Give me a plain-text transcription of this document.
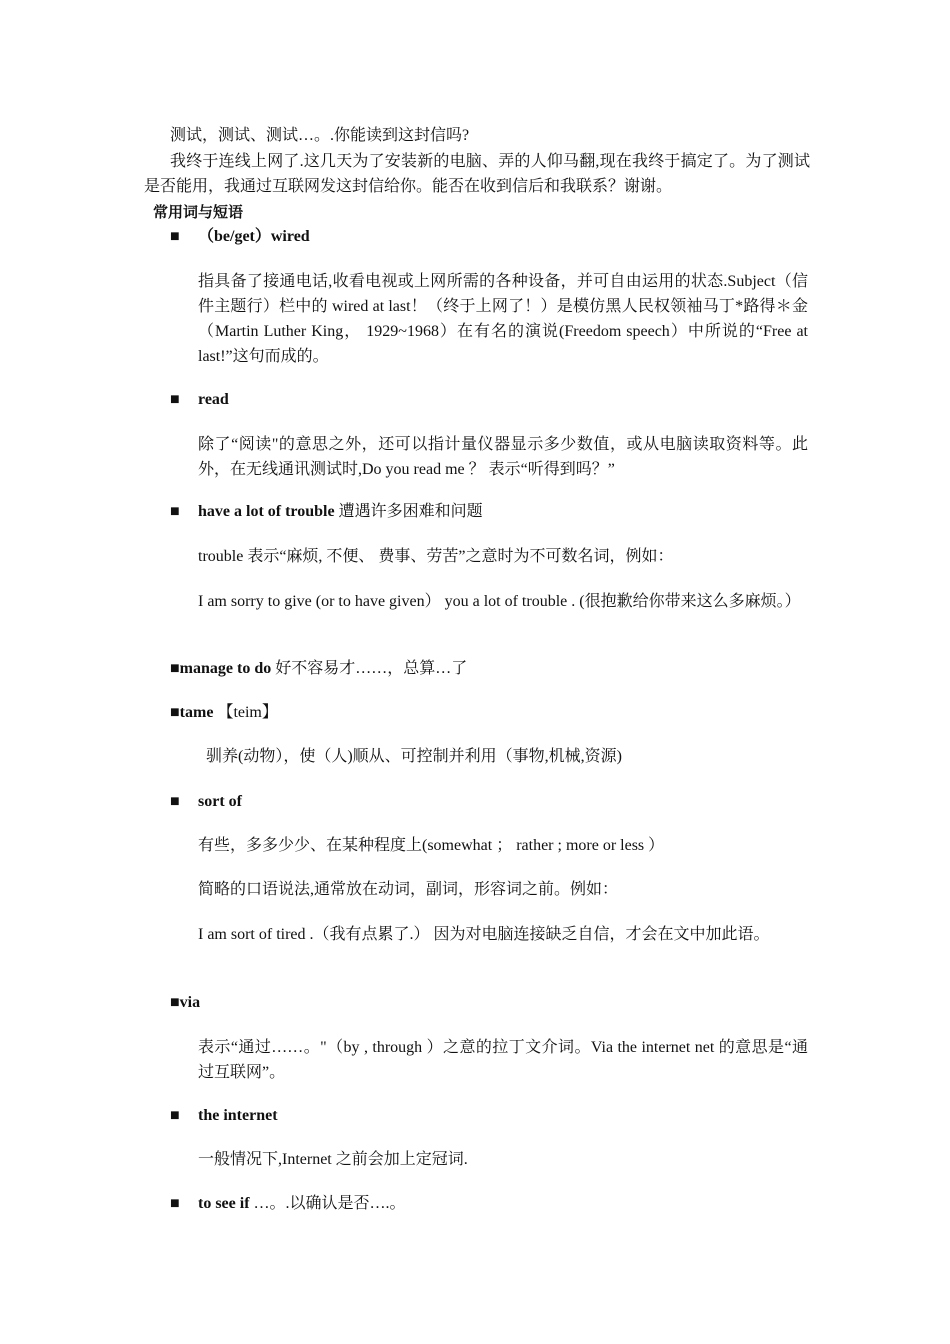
测试，测试、测试…。.你能读到这封信吗?

我终于连线上网了.这几天为了安装新的电脑、弄的人仰马翻,现在我终于搞定了。为了测试是否能用，我通过互联网发这封信给你。能否在收到信后和我联系？谢谢。

常用词与短语

■ （be/get）wired

指具备了接通电话,收看电视或上网所需的各种设备，并可自由运用的状态.Subject（信件主题行）栏中的 wired at last！（终于上网了！）是模仿黑人民权领袖马丁*路得＊金（Martin Luther King， 1929~1968）在有名的演说(Freedom speech）中所说的“Free at last!”这句而成的。

■ read

除了“阅读"的意思之外，还可以指计量仪器显示多少数值，或从电脑读取资料等。此外，在无线通讯测试时,Do you read me ？ 表示“听得到吗？”

■ have a lot of trouble 遭遇许多困难和问题

trouble 表示“麻烦, 不便、 费事、劳苦”之意时为不可数名词，例如：

I am sorry to give (or to have given） you a lot of trouble . (很抱歉给你带来这么多麻烦。）

■manage to do 好不容易才……，总算…了

■tame 【teim】

驯养(动物），使（人)顺从、可控制并利用（事物,机械,资源)

■ sort of

有些，多多少少、在某种程度上(somewhat ； rather ; more or less ）

简略的口语说法,通常放在动词，副词，形容词之前。例如：

I am sort of tired .（我有点累了.） 因为对电脑连接缺乏自信，才会在文中加此语。

■via

表示“通过……。"（by , through ）之意的拉丁文介词。Via the internet net 的意思是“通过互联网”。

■ the internet

一般情况下,Internet 之前会加上定冠词.

■ to see if …。.以确认是否….。
